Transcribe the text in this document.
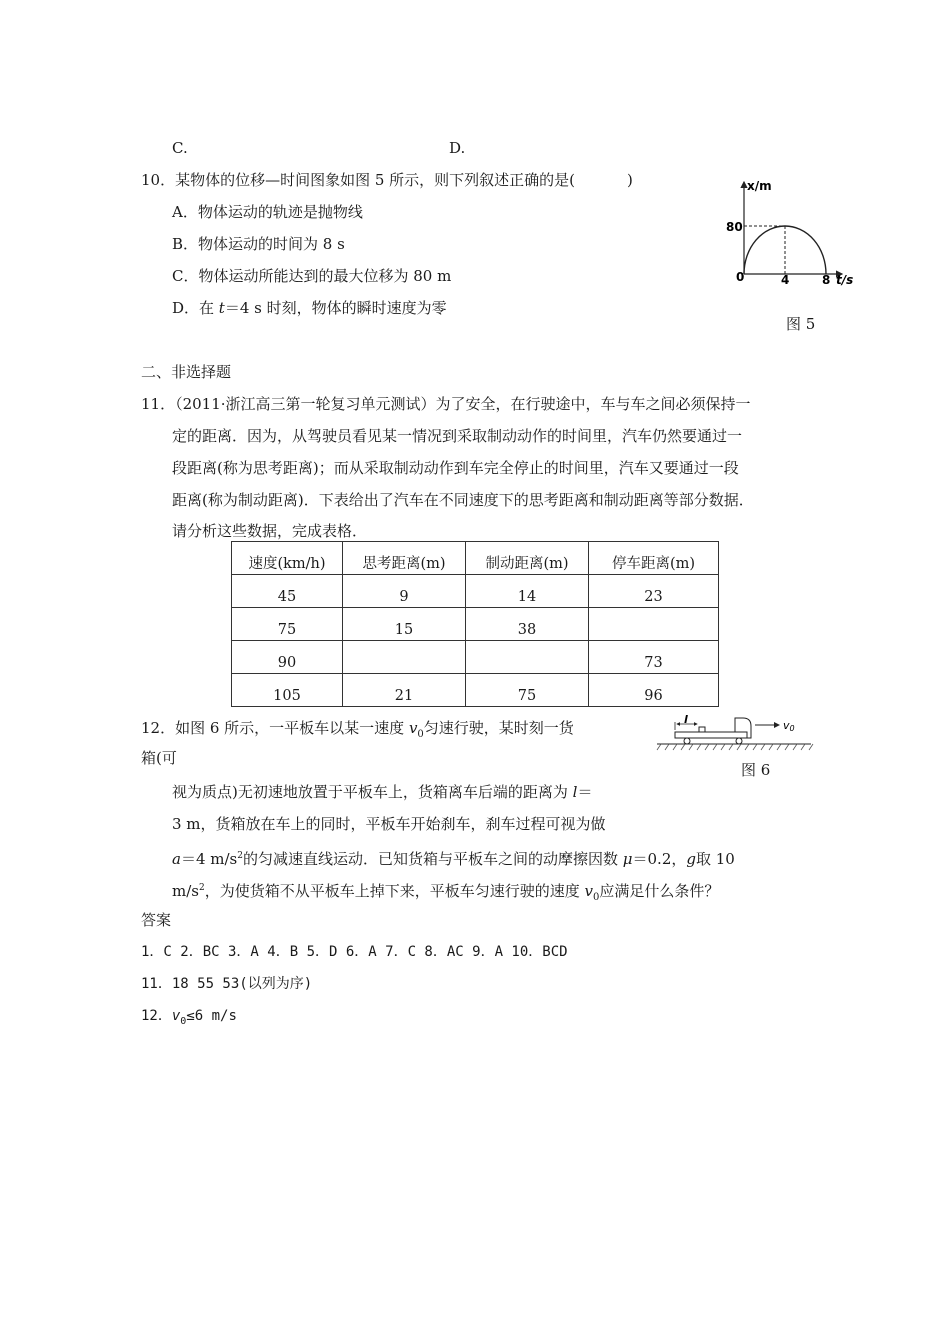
C.	D.
10．某物体的位移—时间图象如图 5 所示，则下列叙述正确的是(	)
A．物体运动的轨迹是抛物线
B．物体运动的时间为 8 s
C．物体运动所能达到的最大位移为 80 m
D．在 t＝4 s 时刻，物体的瞬时速度为零
x/m
80
0	4	8 t/s
图 5
二、非选择题
11．（2011·浙江高三第一轮复习单元测试）为了安全，在行驶途中，车与车之间必须保持一
定的距离．因为，从驾驶员看见某一情况到采取制动动作的时间里，汽车仍然要通过一
段距离(称为思考距离)；而从采取制动动作到车完全停止的时间里，汽车又要通过一段
距离(称为制动距离)．下表给出了汽车在不同速度下的思考距离和制动距离等部分数据．
请分析这些数据，完成表格．
速度(km/h)	思考距离(m)	制动距离(m)	停车距离(m)
45	9	14	23
75	15	38	
90			73
105	21	75	96
12．如图 6 所示，一平板车以某一速度 $v_0$匀速行驶，某时刻一货
箱(可
视为质点)无初速地放置于平板车上，货箱离车后端的距离为 l＝
3 m，货箱放在车上的同时，平板车开始刹车，刹车过程可视为做
a＝4 $m/s^2$的匀减速直线运动．已知货箱与平板车之间的动摩擦因数 μ＝0.2，g取 10
$m/s^2$，为使货箱不从平板车上掉下来，平板车匀速行驶的速度 $v_0$应满足什么条件？
l	v0
图 6
答案
1．C 2．BC 3．A 4．B 5．D 6．A 7．C 8．AC 9．A 10．BCD
11．18 55 53(以列为序)
12．$v_0\le 6$ m/s
